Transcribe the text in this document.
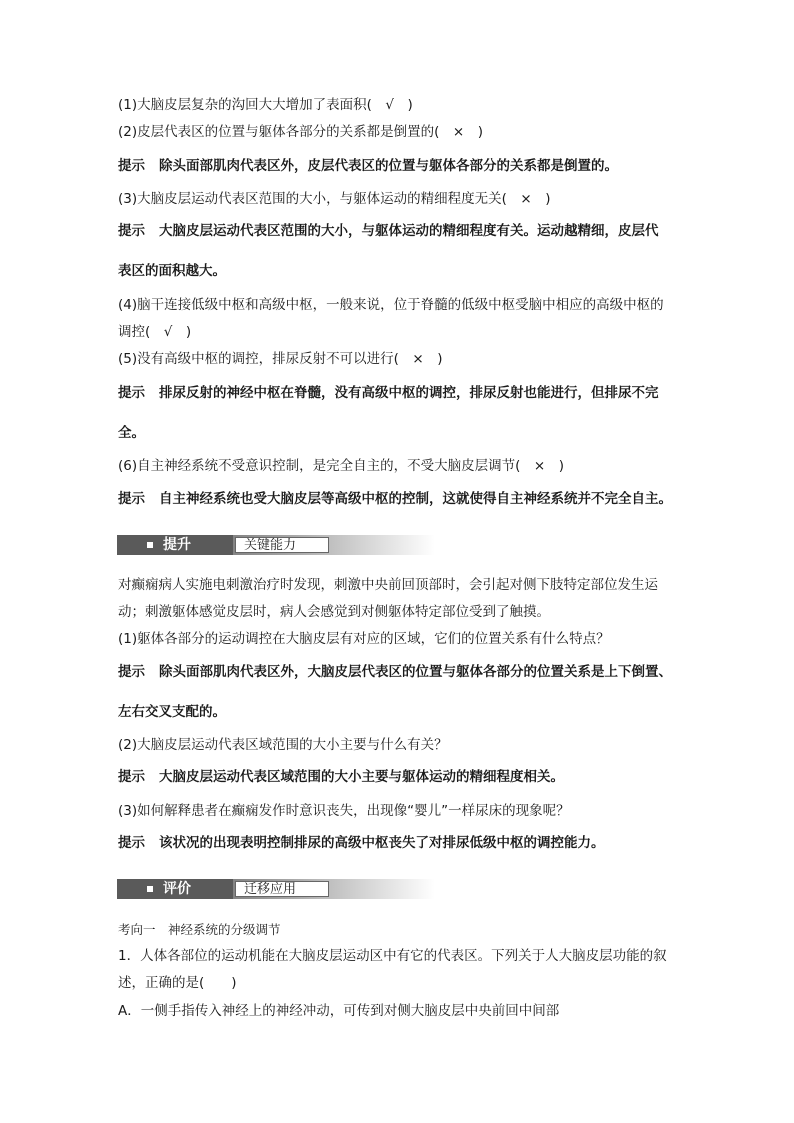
(1)大脑皮层复杂的沟回大大增加了表面积(　√　)
(2)皮层代表区的位置与躯体各部分的关系都是倒置的(　×　)
提示 除头面部肌肉代表区外，皮层代表区的位置与躯体各部分的关系都是倒置的。
(3)大脑皮层运动代表区范围的大小，与躯体运动的精细程度无关(　×　)
提示 大脑皮层运动代表区范围的大小，与躯体运动的精细程度有关。运动越精细，皮层代
表区的面积越大。
(4)脑干连接低级中枢和高级中枢，一般来说，位于脊髓的低级中枢受脑中相应的高级中枢的
调控(　√　)
(5)没有高级中枢的调控，排尿反射不可以进行(　×　)
提示 排尿反射的神经中枢在脊髓，没有高级中枢的调控，排尿反射也能进行，但排尿不完
全。
(6)自主神经系统不受意识控制，是完全自主的，不受大脑皮层调节(　×　)
提示 自主神经系统也受大脑皮层等高级中枢的控制，这就使得自主神经系统并不完全自主。
提升	关键能力
对癫痫病人实施电刺激治疗时发现，刺激中央前回顶部时，会引起对侧下肢特定部位发生运
动；刺激躯体感觉皮层时，病人会感觉到对侧躯体特定部位受到了触摸。
(1)躯体各部分的运动调控在大脑皮层有对应的区域，它们的位置关系有什么特点？
提示 除头面部肌肉代表区外，大脑皮层代表区的位置与躯体各部分的位置关系是上下倒置、
左右交叉支配的。
(2)大脑皮层运动代表区域范围的大小主要与什么有关？
提示 大脑皮层运动代表区域范围的大小主要与躯体运动的精细程度相关。
(3)如何解释患者在癫痫发作时意识丧失，出现像“婴儿”一样尿床的现象呢？
提示 该状况的出现表明控制排尿的高级中枢丧失了对排尿低级中枢的调控能力。
评价	迁移应用
考向一　神经系统的分级调节
1．人体各部位的运动机能在大脑皮层运动区中有它的代表区。下列关于人大脑皮层功能的叙
述，正确的是(　　)
A．一侧手指传入神经上的神经冲动，可传到对侧大脑皮层中央前回中间部
